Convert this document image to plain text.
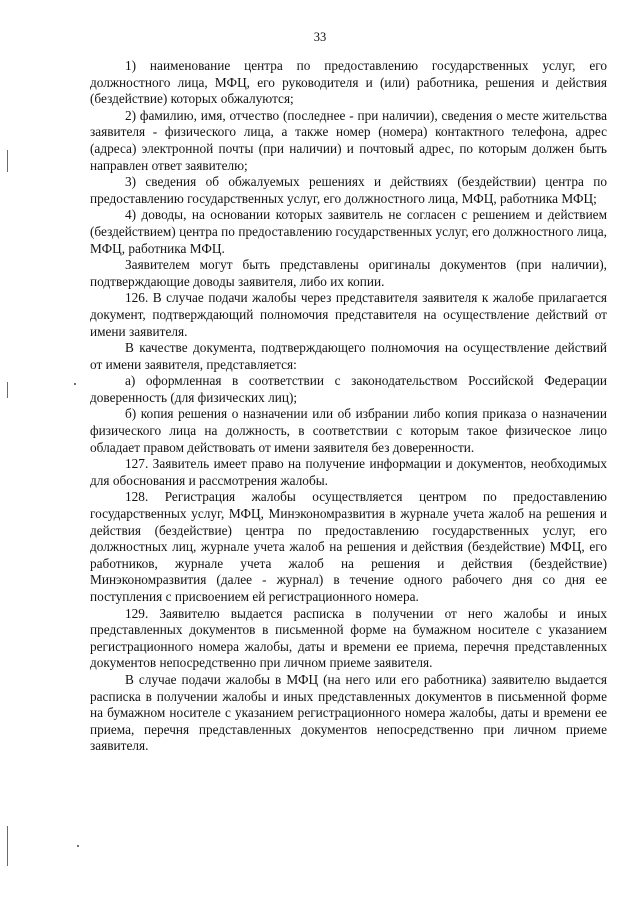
33

1) наименование центра по предоставлению государственных услуг, его должностного лица, МФЦ, его руководителя и (или) работника, решения и действия (бездействие) которых обжалуются;

2) фамилию, имя, отчество (последнее - при наличии), сведения о месте жительства заявителя - физического лица, а также номер (номера) контактного телефона, адрес (адреса) электронной почты (при наличии) и почтовый адрес, по которым должен быть направлен ответ заявителю;

3) сведения об обжалуемых решениях и действиях (бездействии) центра по предоставлению государственных услуг, его должностного лица, МФЦ, работника МФЦ;

4) доводы, на основании которых заявитель не согласен с решением и действием (бездействием) центра по предоставлению государственных услуг, его должностного лица, МФЦ, работника МФЦ.

Заявителем могут быть представлены оригиналы документов (при наличии), подтверждающие доводы заявителя, либо их копии.

126. В случае подачи жалобы через представителя заявителя к жалобе прилагается документ, подтверждающий полномочия представителя на осуществление действий от имени заявителя.

В качестве документа, подтверждающего полномочия на осуществление действий от имени заявителя, представляется:

а) оформленная в соответствии с законодательством Российской Федерации доверенность (для физических лиц);

б) копия решения о назначении или об избрании либо копия приказа о назначении физического лица на должность, в соответствии с которым такое физическое лицо обладает правом действовать от имени заявителя без доверенности.

127. Заявитель имеет право на получение информации и документов, необходимых для обоснования и рассмотрения жалобы.

128. Регистрация жалобы осуществляется центром по предоставлению государственных услуг, МФЦ, Минэкономразвития в журнале учета жалоб на решения и действия (бездействие) центра по предоставлению государственных услуг, его должностных лиц, журнале учета жалоб на решения и действия (бездействие) МФЦ, его работников, журнале учета жалоб на решения и действия (бездействие) Минэкономразвития (далее - журнал) в течение одного рабочего дня со дня ее поступления с присвоением ей регистрационного номера.

129. Заявителю выдается расписка в получении от него жалобы и иных представленных документов в письменной форме на бумажном носителе с указанием регистрационного номера жалобы, даты и времени ее приема, перечня представленных документов непосредственно при личном приеме заявителя.

В случае подачи жалобы в МФЦ (на него или его работника) заявителю выдается расписка в получении жалобы и иных представленных документов в письменной форме на бумажном носителе с указанием регистрационного номера жалобы, даты и времени ее приема, перечня представленных документов непосредственно при личном приеме заявителя.
